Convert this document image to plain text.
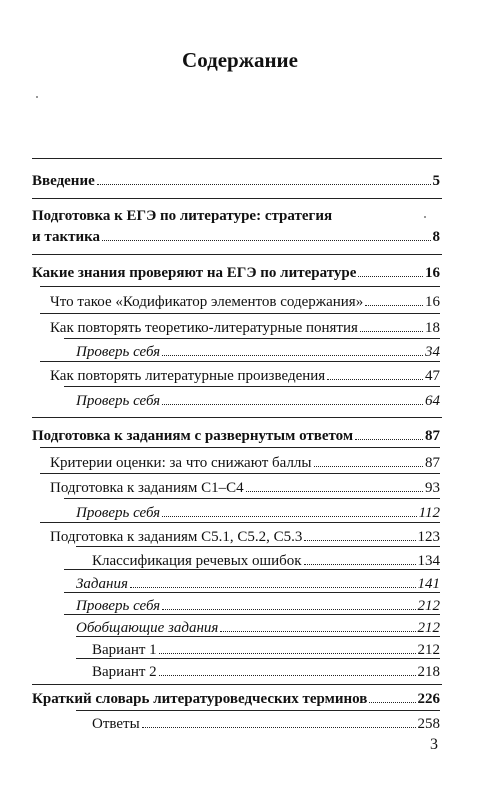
Содержание
Введение	5
Подготовка к ЕГЭ по литературе: стратегия
и тактика	8
Какие знания проверяют на ЕГЭ по литературе	16
Что такое «Кодификатор элементов содержания»	16
Как повторять теоретико-литературные понятия	18
Проверь себя	34
Как повторять литературные произведения	47
Проверь себя	64
Подготовка к заданиям с развернутым ответом	87
Критерии оценки: за что снижают баллы	87
Подготовка к заданиям С1–С4	93
Проверь себя	112
Подготовка к заданиям С5.1, С5.2, С5.3	123
Классификация речевых ошибок	134
Задания	141
Проверь себя	212
Обобщающие задания	212
Вариант 1	212
Вариант 2	218
Краткий словарь литературоведческих терминов	226
Ответы	258
3
